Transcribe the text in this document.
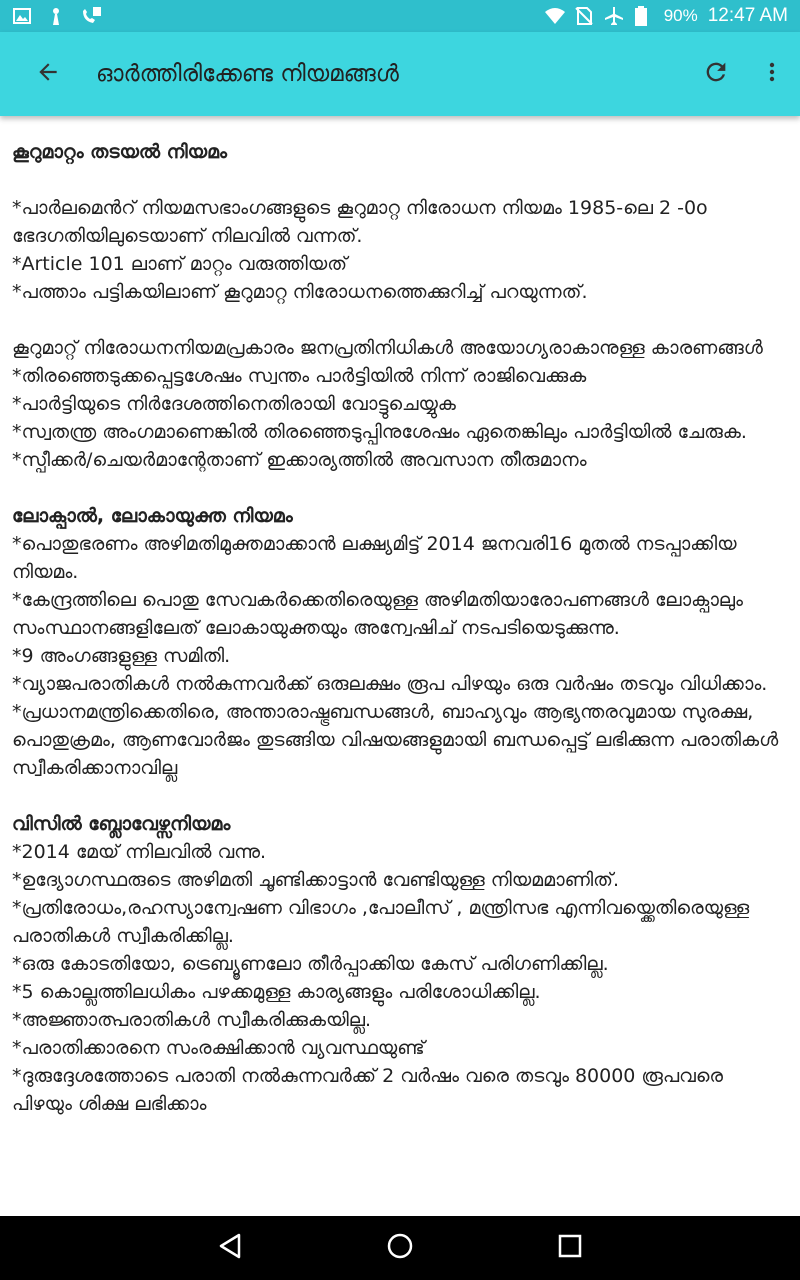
90% 12:47 AM
ഓർത്തിരിക്കേണ്ട നിയമങ്ങൾ
കൂറുമാറ്റം തടയൽ നിയമം
*പാർലമെൻറ് നിയമസഭാംഗങ്ങളുടെ കൂറുമാറ്റ നിരോധന നിയമം 1985-ലെ 2 -0o ഭേദഗതിയിലുടെയാണ് നിലവിൽ വന്നത്.
*Article 101 ലാണ് മാറ്റം വരുത്തിയത്
*പത്താം പട്ടികയിലാണ് കൂറുമാറ്റ നിരോധനത്തെക്കുറിച്ച് പറയുന്നത്.
കൂറുമാറ്റ് നിരോധനനിയമപ്രകാരം ജനപ്രതിനിധികൾ അയോഗ്യരാകാനുള്ള കാരണങ്ങൾ
*തിരഞ്ഞെടുക്കപ്പെട്ടശേഷം സ്വന്തം പാർട്ടിയിൽ നിന്ന് രാജിവെക്കുക
*പാർട്ടിയുടെ നിർദേശത്തിനെതിരായി വോട്ടുചെയ്യുക
*സ്വതന്ത്ര അംഗമാണെങ്കിൽ തിരഞ്ഞെടുപ്പിനുശേഷം ഏതെങ്കിലും പാർട്ടിയിൽ ചേരുക.
*സ്പീക്കർ/ചെയർമാന്റേതാണ് ഇക്കാര്യത്തിൽ അവസാന തീരുമാനം
ലോക്പാൽ, ലോകായുക്ത നിയമം
*പൊതുഭരണം അഴിമതിമുക്തമാക്കാൻ ലക്ഷ്യമിട്ട് 2014 ജനവരി16 മുതൽ നടപ്പാക്കിയ നിയമം.
*കേന്ദ്രത്തിലെ പൊതു സേവകർക്കെതിരെയുള്ള അഴിമതിയാരോപണങ്ങൾ ലോക്പാലും
സംസ്ഥാനങ്ങളിലേത് ലോകായുക്തയും അന്വേഷിച് നടപടിയെടുക്കുന്നു.
*9 അംഗങ്ങളുള്ള സമിതി.
*വ്യാജപരാതികൾ നൽകുന്നവർക്ക് ഒരുലക്ഷം രൂപ പിഴയും ഒരു വർഷം തടവും വിധിക്കാം.
*പ്രധാനമന്ത്രിക്കെതിരെ, അന്താരാഷ്ട്രബന്ധങ്ങൾ, ബാഹ്യവും ആഭ്യന്തരവുമായ സുരക്ഷ, പൊതുക്രമം, ആണവോർജം തുടങ്ങിയ വിഷയങ്ങളുമായി ബന്ധപ്പെട്ട് ലഭിക്കുന്ന പരാതികൾ സ്വീകരിക്കാനാവില്ല
വിസിൽ ബ്ലോവേഴ്സനിയമം
*2014 മേയ് ന്നിലവിൽ വന്നു.
*ഉദ്യോഗസ്ഥരുടെ അഴിമതി ചൂണ്ടിക്കാട്ടാൻ വേണ്ടിയുള്ള നിയമമാണിത്.
*പ്രതിരോധം,രഹസ്യാന്വേഷണ വിഭാഗം ,പോലീസ് , മന്ത്രിസഭ എന്നിവയ്ക്കെതിരെയുള്ള പരാതികൾ സ്വീകരിക്കില്ല.
*ഒരു കോടതിയോ, ട്രെബ്യൂണലോ തീർപ്പാക്കിയ കേസ് പരിഗണിക്കില്ല.
*5 കൊല്ലത്തിലധികം പഴക്കമുള്ള കാര്യങ്ങളും പരിശോധിക്കില്ല.
*അജ്ഞാത്പരാതികൾ സ്വീകരിക്കുകയില്ല.
*പരാതിക്കാരനെ സംരക്ഷിക്കാൻ വ്യവസ്ഥയുണ്ട്
*ദുരുദ്ദേശത്തോടെ പരാതി നൽകുന്നവർക്ക് 2 വർഷം വരെ തടവും 80000 രൂപവരെ പിഴയും ശിക്ഷ ലഭിക്കാം
